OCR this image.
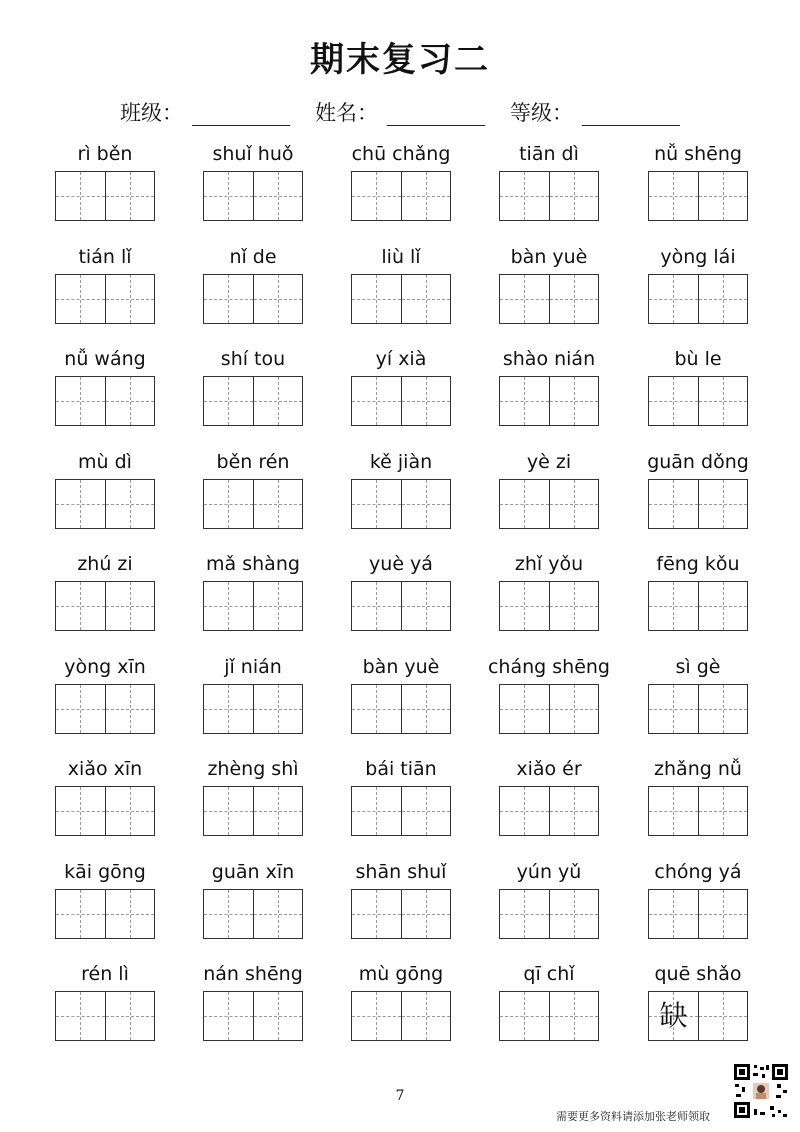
期末复习二
班级：	姓名：	等级：
rì běn	shuǐ huǒ	chū chǎng	tiān dì	nǚ shēng
tián lǐ	nǐ de	liù lǐ	bàn yuè	yòng lái
nǚ wáng	shí tou	yí xià	shào nián	bù le
mù dì	běn rén	kě jiàn	yè zi	guān dǒng
zhú zi	mǎ shàng	yuè yá	zhǐ yǒu	fēng kǒu
yòng xīn	jǐ nián	bàn yuè	cháng shēng	sì gè
xiǎo xīn	zhèng shì	bái tiān	xiǎo ér	zhǎng nǚ
kāi gōng	guān xīn	shān shuǐ	yún yǔ	chóng yá
rén lì	nán shēng	mù gōng	qī chǐ	quē shǎo
缺
7
需要更多资料请添加张老师领取
